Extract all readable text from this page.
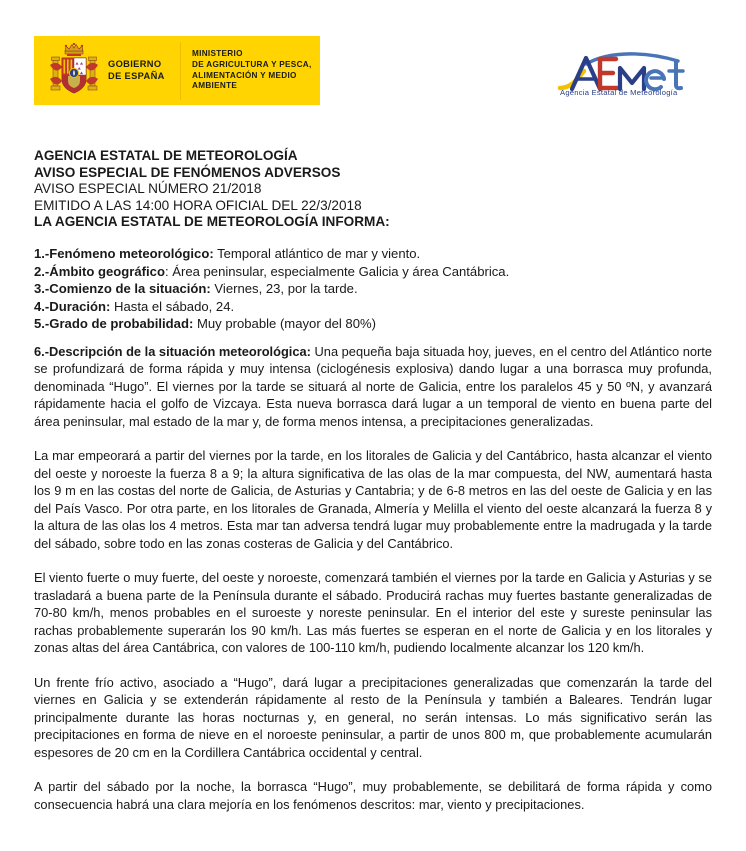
GOBIERNO
DE ESPAÑA
MINISTERIO
DE AGRICULTURA Y PESCA,
ALIMENTACIÓN Y MEDIO AMBIENTE
Agencia Estatal de Meteorología
AGENCIA ESTATAL DE METEOROLOGÍA
AVISO ESPECIAL DE FENÓMENOS ADVERSOS
AVISO ESPECIAL NÚMERO 21/2018
EMITIDO A LAS 14:00 HORA OFICIAL DEL 22/3/2018
LA AGENCIA ESTATAL DE METEOROLOGÍA INFORMA:
1.-Fenómeno meteorológico: Temporal atlántico de mar y viento.
2.-Ámbito geográfico: Área peninsular, especialmente Galicia y área Cantábrica.
3.-Comienzo de la situación: Viernes, 23, por la tarde.
4.-Duración: Hasta el sábado, 24.
5.-Grado de probabilidad: Muy probable (mayor del 80%)

6.-Descripción de la situación meteorológica: Una pequeña baja situada hoy, jueves, en el centro del Atlántico norte se profundizará de forma rápida y muy intensa (ciclogénesis explosiva) dando lugar a una borrasca muy profunda, denominada “Hugo”. El viernes por la tarde se situará al norte de Galicia, entre los paralelos 45 y 50 ºN, y avanzará rápidamente hacia el golfo de Vizcaya. Esta nueva borrasca dará lugar a un temporal de viento en buena parte del área peninsular, mal estado de la mar y, de forma menos intensa, a precipitaciones generalizadas.

La mar empeorará a partir del viernes por la tarde, en los litorales de Galicia y del Cantábrico, hasta alcanzar el viento del oeste y noroeste la fuerza 8 a 9; la altura significativa de las olas de la mar compuesta, del NW, aumentará hasta los 9 m en las costas del norte de Galicia, de Asturias y Cantabria; y de 6-8 metros en las del oeste de Galicia y en las del País Vasco. Por otra parte, en los litorales de Granada, Almería y Melilla el viento del oeste alcanzará la fuerza 8 y la altura de las olas los 4 metros. Esta mar tan adversa tendrá lugar muy probablemente entre la madrugada y la tarde del sábado, sobre todo en las zonas costeras de Galicia y del Cantábrico.

El viento fuerte o muy fuerte, del oeste y noroeste, comenzará también el viernes por la tarde en Galicia y Asturias y se trasladará a buena parte de la Península durante el sábado. Producirá rachas muy fuertes bastante generalizadas de 70-80 km/h, menos probables en el suroeste y noreste peninsular. En el interior del este y sureste peninsular las rachas probablemente superarán los 90 km/h. Las más fuertes se esperan en el norte de Galicia y en los litorales y zonas altas del área Cantábrica, con valores de 100-110 km/h, pudiendo localmente alcanzar los 120 km/h.

Un frente frío activo, asociado a “Hugo”, dará lugar a precipitaciones generalizadas que comenzarán la tarde del viernes en Galicia y se extenderán rápidamente al resto de la Península y también a Baleares. Tendrán lugar principalmente durante las horas nocturnas y, en general, no serán intensas. Lo más significativo serán las precipitaciones en forma de nieve en el noroeste peninsular, a partir de unos 800 m, que probablemente acumularán espesores de 20 cm en la Cordillera Cantábrica occidental y central.

A partir del sábado por la noche, la borrasca “Hugo”, muy probablemente, se debilitará de forma rápida y como consecuencia habrá una clara mejoría en los fenómenos descritos: mar, viento y precipitaciones.
